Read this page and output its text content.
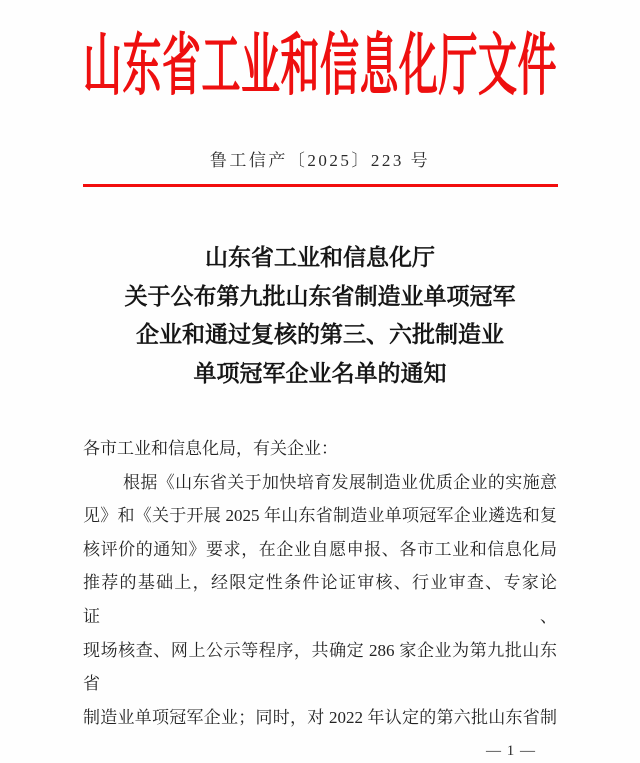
山东省工业和信息化厅文件
鲁工信产〔2025〕223 号
山东省工业和信息化厅
关于公布第九批山东省制造业单项冠军
企业和通过复核的第三、六批制造业
单项冠军企业名单的通知
各市工业和信息化局，有关企业：
根据《山东省关于加快培育发展制造业优质企业的实施意
见》和《关于开展 2025 年山东省制造业单项冠军企业遴选和复
核评价的通知》要求，在企业自愿申报、各市工业和信息化局
推荐的基础上，经限定性条件论证审核、行业审查、专家论证、
现场核查、网上公示等程序，共确定 286 家企业为第九批山东省
制造业单项冠军企业；同时，对 2022 年认定的第六批山东省制
— 1 —
